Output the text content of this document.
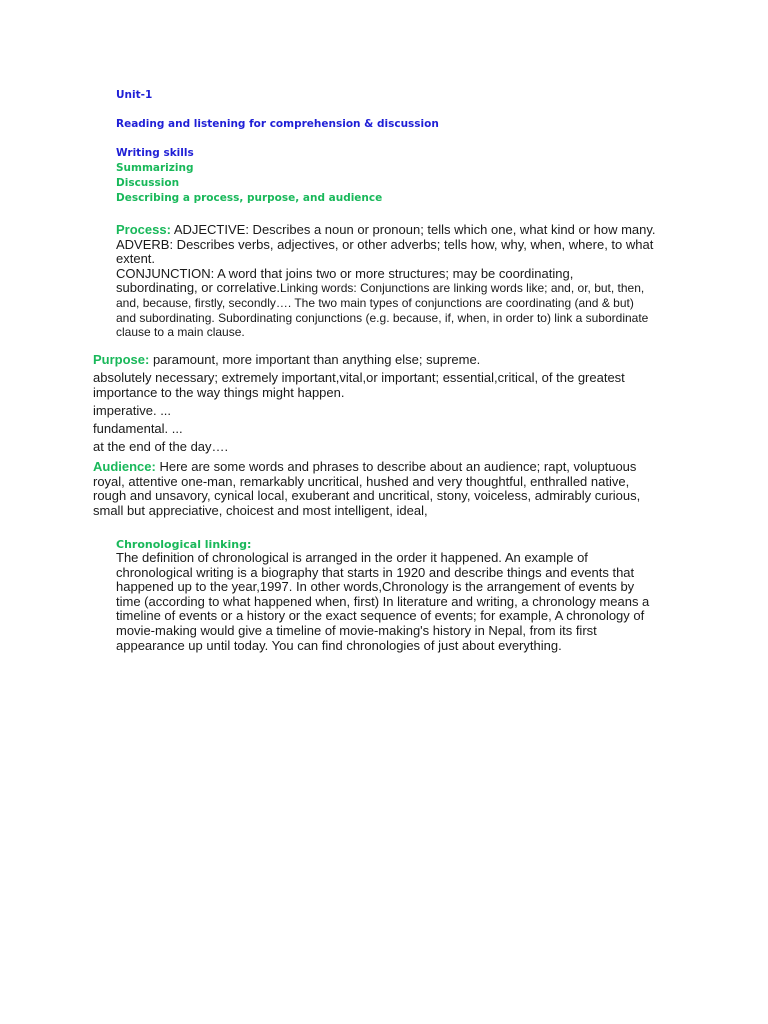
Unit-1
Reading and listening for comprehension & discussion
Writing skills
Summarizing
Discussion
Describing a process, purpose, and audience

Process: ADJECTIVE: Describes a noun or pronoun; tells which one, what kind or how many. ADVERB: Describes verbs, adjectives, or other adverbs; tells how, why, when, where, to what extent.
CONJUNCTION: A word that joins two or more structures; may be coordinating, subordinating, or correlative.Linking words: Conjunctions are linking words like; and, or, but, then, and, because, firstly, secondly…. The two main types of conjunctions are coordinating (and & but) and subordinating. Subordinating conjunctions (e.g. because, if, when, in order to) link a subordinate clause to a main clause.

Purpose: paramount, more important than anything else; supreme.
absolutely necessary; extremely important,vital,or important; essential,critical, of the greatest importance to the way things might happen.
imperative. ...
fundamental. ...
at the end of the day….

Audience: Here are some words and phrases to describe about an audience; rapt, voluptuous royal, attentive one-man, remarkably uncritical, hushed and very thoughtful, enthralled native, rough and unsavory, cynical local, exuberant and uncritical, stony, voiceless, admirably curious, small but appreciative, choicest and most intelligent, ideal,

Chronological linking:

The definition of chronological is arranged in the order it happened. An example of chronological writing is a biography that starts in 1920 and describe things and events that happened up to the year,1997. In other words,Chronology is the arrangement of events by time (according to what happened when, first) In literature and writing, a chronology means a timeline of events or a history or the exact sequence of events; for example, A chronology of movie-making would give a timeline of movie-making's history in Nepal, from its first appearance up until today. You can find chronologies of just about everything.
